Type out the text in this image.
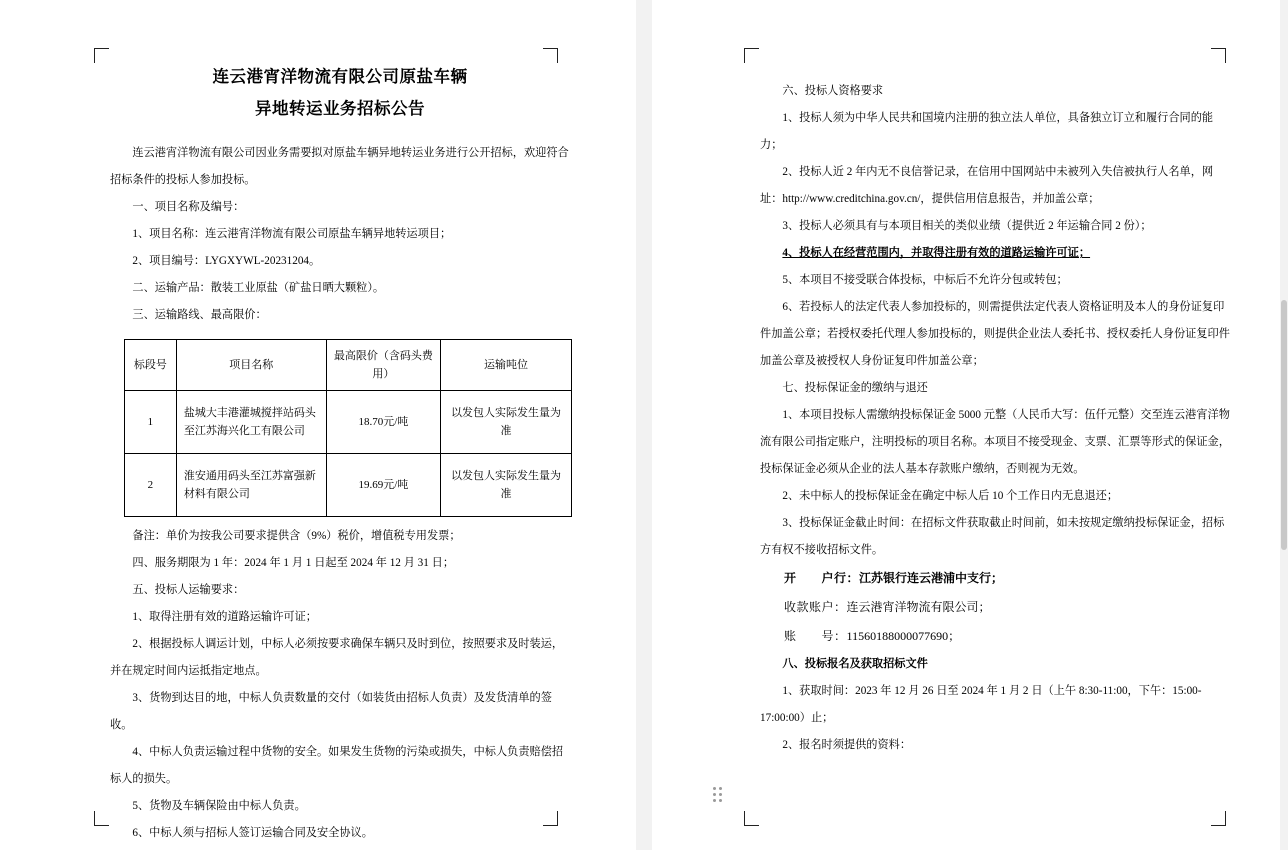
连云港宵洋物流有限公司原盐车辆
异地转运业务招标公告

连云港宵洋物流有限公司因业务需要拟对原盐车辆异地转运业务进行公开招标，欢迎符合招标条件的投标人参加投标。

一、项目名称及编号：

1、项目名称：连云港宵洋物流有限公司原盐车辆异地转运项目；

2、项目编号：LYGXYWL-20231204。

二、运输产品：散装工业原盐（矿盐日晒大颗粒）。

三、运输路线、最高限价：

标段号	项目名称	最高限价（含码头费用）	运输吨位
1	盐城大丰港灌城搅拌站码头至江苏海兴化工有限公司	18.70元/吨	以发包人实际发生量为准
2	淮安通用码头至江苏富强新材料有限公司	19.69元/吨	以发包人实际发生量为准

备注：单价为按我公司要求提供含（9%）税价，增值税专用发票；

四、服务期限为 1 年：2024 年 1 月 1 日起至 2024 年 12 月 31 日；

五、投标人运输要求：

1、取得注册有效的道路运输许可证；

2、根据投标人调运计划，中标人必须按要求确保车辆只及时到位，按照要求及时装运，并在规定时间内运抵指定地点。

3、货物到达目的地，中标人负责数量的交付（如装货由招标人负责）及发货清单的签收。

4、中标人负责运输过程中货物的安全。如果发生货物的污染或损失，中标人负责赔偿招标人的损失。

5、货物及车辆保险由中标人负责。

6、中标人须与招标人签订运输合同及安全协议。

六、投标人资格要求

1、投标人须为中华人民共和国境内注册的独立法人单位，具备独立订立和履行合同的能力；

2、投标人近 2 年内无不良信誉记录，在信用中国网站中未被列入失信被执行人名单，网址：http://www.creditchina.gov.cn/，提供信用信息报告，并加盖公章；

3、投标人必须具有与本项目相关的类似业绩（提供近 2 年运输合同 2 份）；

4、投标人在经营范围内，并取得注册有效的道路运输许可证；

5、本项目不接受联合体投标，中标后不允许分包或转包；

6、若投标人的法定代表人参加投标的，则需提供法定代表人资格证明及本人的身份证复印件加盖公章；若授权委托代理人参加投标的，则提供企业法人委托书、授权委托人身份证复印件加盖公章及被授权人身份证复印件加盖公章；

七、投标保证金的缴纳与退还

1、本项目投标人需缴纳投标保证金 5000 元整（人民币大写：伍仟元整）交至连云港宵洋物流有限公司指定账户，注明投标的项目名称。本项目不接受现金、支票、汇票等形式的保证金，投标保证金必须从企业的法人基本存款账户缴纳，否则视为无效。

2、未中标人的投标保证金在确定中标人后 10 个工作日内无息退还；

3、投标保证金截止时间：在招标文件获取截止时间前，如未按规定缴纳投标保证金，招标方有权不接收招标文件。

开　　户行：江苏银行连云港浦中支行；

收款账户：连云港宵洋物流有限公司；

账　　号：11560188000077690；

八、投标报名及获取招标文件

1、获取时间：2023 年 12 月 26 日至 2024 年 1 月 2 日（上午 8:30-11:00，下午：15:00-17:00:00）止；

2、报名时须提供的资料：
